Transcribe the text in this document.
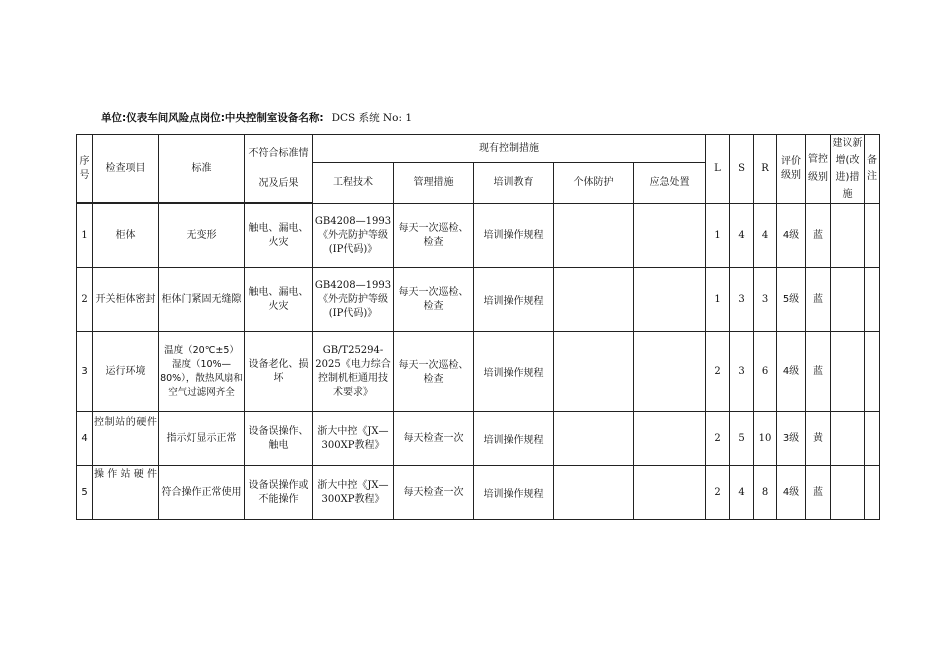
单位:仪表车间风险点岗位:中央控制室设备名称: DCS 系统 No: 1
序号	检查项目	标准	不符合标准情况及后果	现有控制措施					L	S	R	评价级别	管控级别	建议新增(改进)措施	备注
				工程技术	管理措施	培训教育	个体防护	应急处置							

1	柜体	无变形	触电、漏电、火灾	GB4208—1993《外壳防护等级(IP代码)》	每天一次巡检、检查	培训操作规程			1	4	4	4级	蓝		
2	开关柜体密封	柜体门紧固无缝隙	触电、漏电、火灾	GB4208—1993《外壳防护等级(IP代码)》	每天一次巡检、检查	培训操作规程			1	3	3	5级	蓝		
3	运行环境	温度（20℃±5）湿度（10%—80%），散热风扇和空气过滤网齐全	设备老化、损坏	GB/T25294-2025《电力综合控制机柜通用技术要求》	每天一次巡检、检查	培训操作规程			2	3	6	4级	蓝		
4	控制站的硬件	指示灯显示正常	设备误操作、触电	浙大中控《JX—300XP教程》	每天检查一次	培训操作规程			2	5	10	3级	黄		
5	操作站硬件	符合操作正常使用	设备误操作或不能操作	浙大中控《JX—300XP教程》	每天检查一次	培训操作规程			2	4	8	4级	蓝		
